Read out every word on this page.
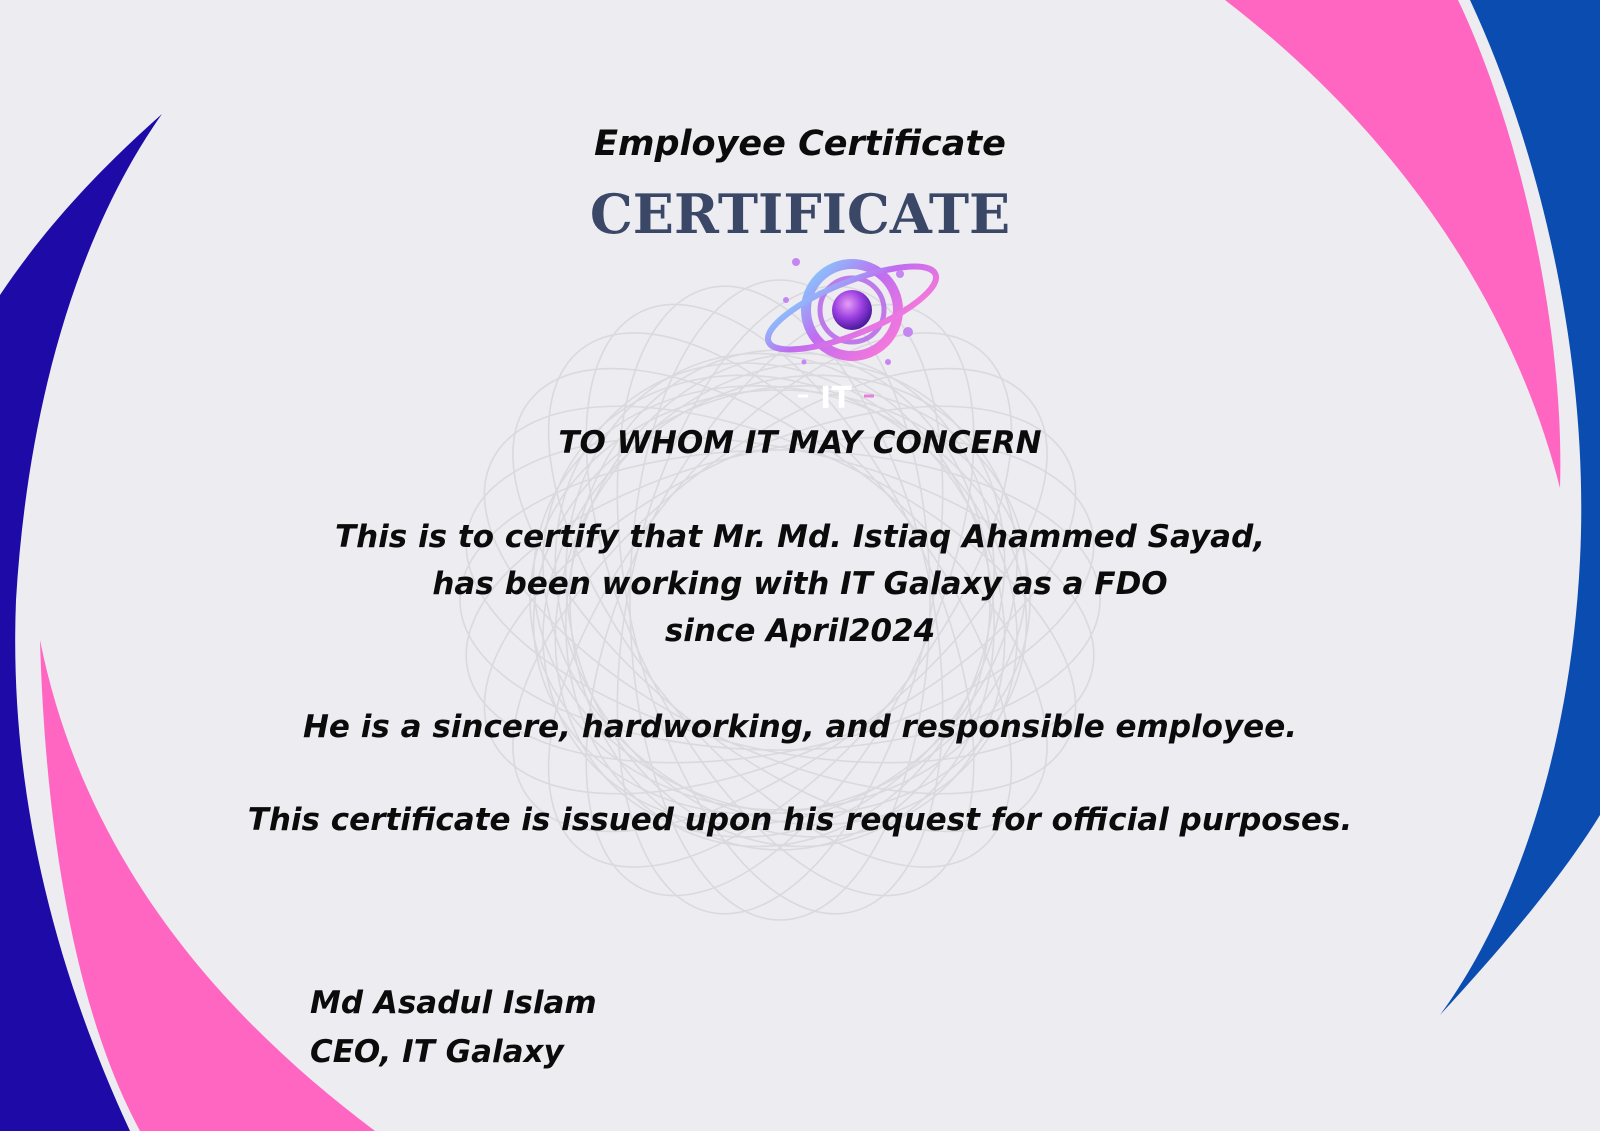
Employee Certificate
CERTIFICATE
IT
TO WHOM IT MAY CONCERN
This is to certify that Mr. Md. Istiaq Ahammed Sayad,
has been working with IT Galaxy as a FDO
since April2024
He is a sincere, hardworking, and responsible employee.
This certificate is issued upon his request for official purposes.
Md Asadul Islam
CEO, IT Galaxy
